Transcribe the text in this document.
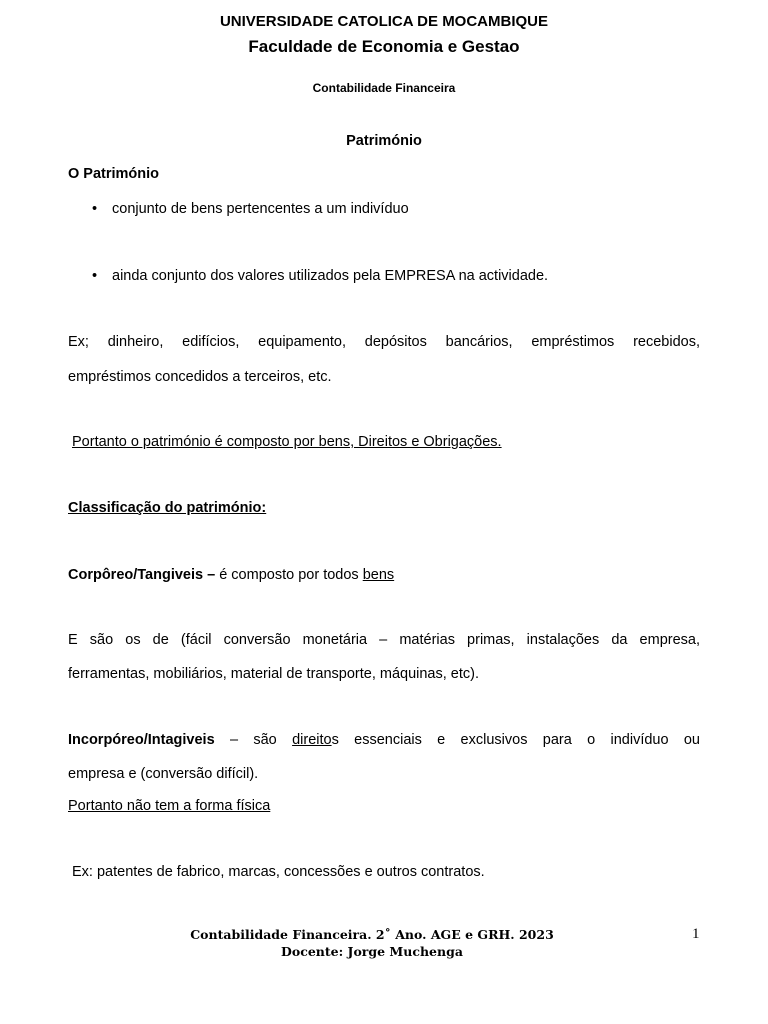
UNIVERSIDADE CATOLICA DE MOCAMBIQUE

Faculdade de Economia e Gestao

Contabilidade Financeira

Património

O Património

• conjunto de bens pertencentes a um indivíduo

• ainda conjunto dos valores utilizados pela EMPRESA na actividade.

Ex; dinheiro, edifícios, equipamento, depósitos bancários, empréstimos recebidos,

empréstimos concedidos a terceiros, etc.

Portanto o património é composto por bens, Direitos e Obrigações.

Classificação do património:

Corpôreo/Tangiveis – é composto por todos bens

E são os de (fácil conversão monetária – matérias primas, instalações da empresa,

ferramentas, mobiliários, material de transporte, máquinas, etc).

Incorpóreo/Intagiveis – são direitos essenciais e exclusivos para o indivíduo ou

empresa e (conversão difícil).

Portanto não tem a forma física

Ex: patentes de fabrico, marcas, concessões e outros contratos.

Contabilidade Financeira. 2˚ Ano. AGE e GRH. 2023

Docente: Jorge Muchenga

1
